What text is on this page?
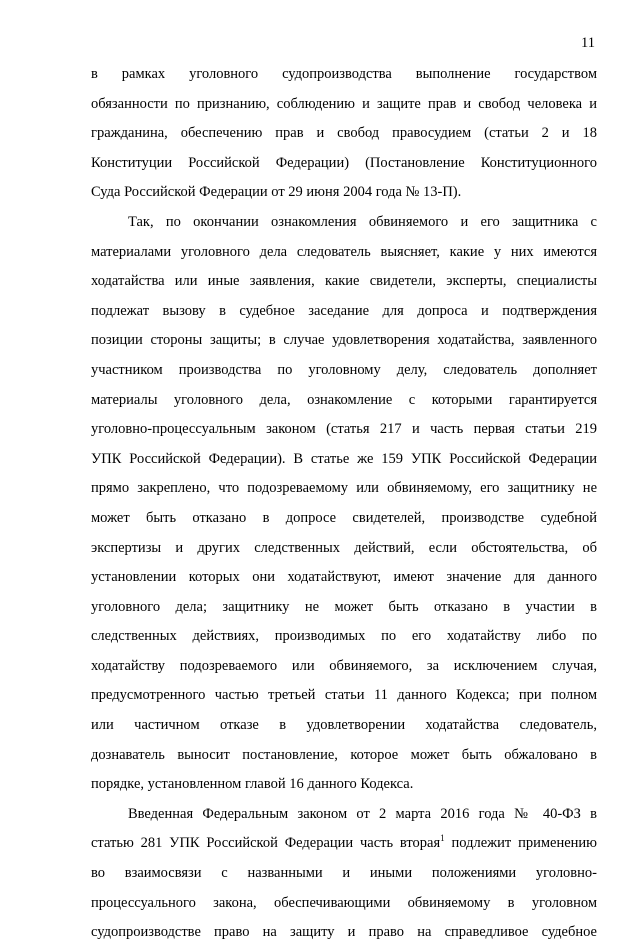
11
в рамках уголовного судопроизводства выполнение государством
обязанности по признанию, соблюдению и защите прав и свобод человека и
гражданина, обеспечению прав и свобод правосудием (статьи 2 и 18
Конституции Российской Федерации) (Постановление Конституционного
Суда Российской Федерации от 29 июня 2004 года № 13-П).
Так, по окончании ознакомления обвиняемого и его защитника с
материалами уголовного дела следователь выясняет, какие у них имеются
ходатайства или иные заявления, какие свидетели, эксперты, специалисты
подлежат вызову в судебное заседание для допроса и подтверждения
позиции стороны защиты; в случае удовлетворения ходатайства, заявленного
участником производства по уголовному делу, следователь дополняет
материалы уголовного дела, ознакомление с которыми гарантируется
уголовно-процессуальным законом (статья 217 и часть первая статьи 219
УПК Российской Федерации). В статье же 159 УПК Российской Федерации
прямо закреплено, что подозреваемому или обвиняемому, его защитнику не
может быть отказано в допросе свидетелей, производстве судебной
экспертизы и других следственных действий, если обстоятельства, об
установлении которых они ходатайствуют, имеют значение для данного
уголовного дела; защитнику не может быть отказано в участии в
следственных действиях, производимых по его ходатайству либо по
ходатайству подозреваемого или обвиняемого, за исключением случая,
предусмотренного частью третьей статьи 11 данного Кодекса; при полном
или частичном отказе в удовлетворении ходатайства следователь,
дознаватель выносит постановление, которое может быть обжаловано в
порядке, установленном главой 16 данного Кодекса.
Введенная Федеральным законом от 2 марта 2016 года № 40-ФЗ в
статью 281 УПК Российской Федерации часть вторая$^1$ подлежит применению
во взаимосвязи с названными и иными положениями уголовно-
процессуального закона, обеспечивающими обвиняемому в уголовном
судопроизводстве право на защиту и право на справедливое судебное
